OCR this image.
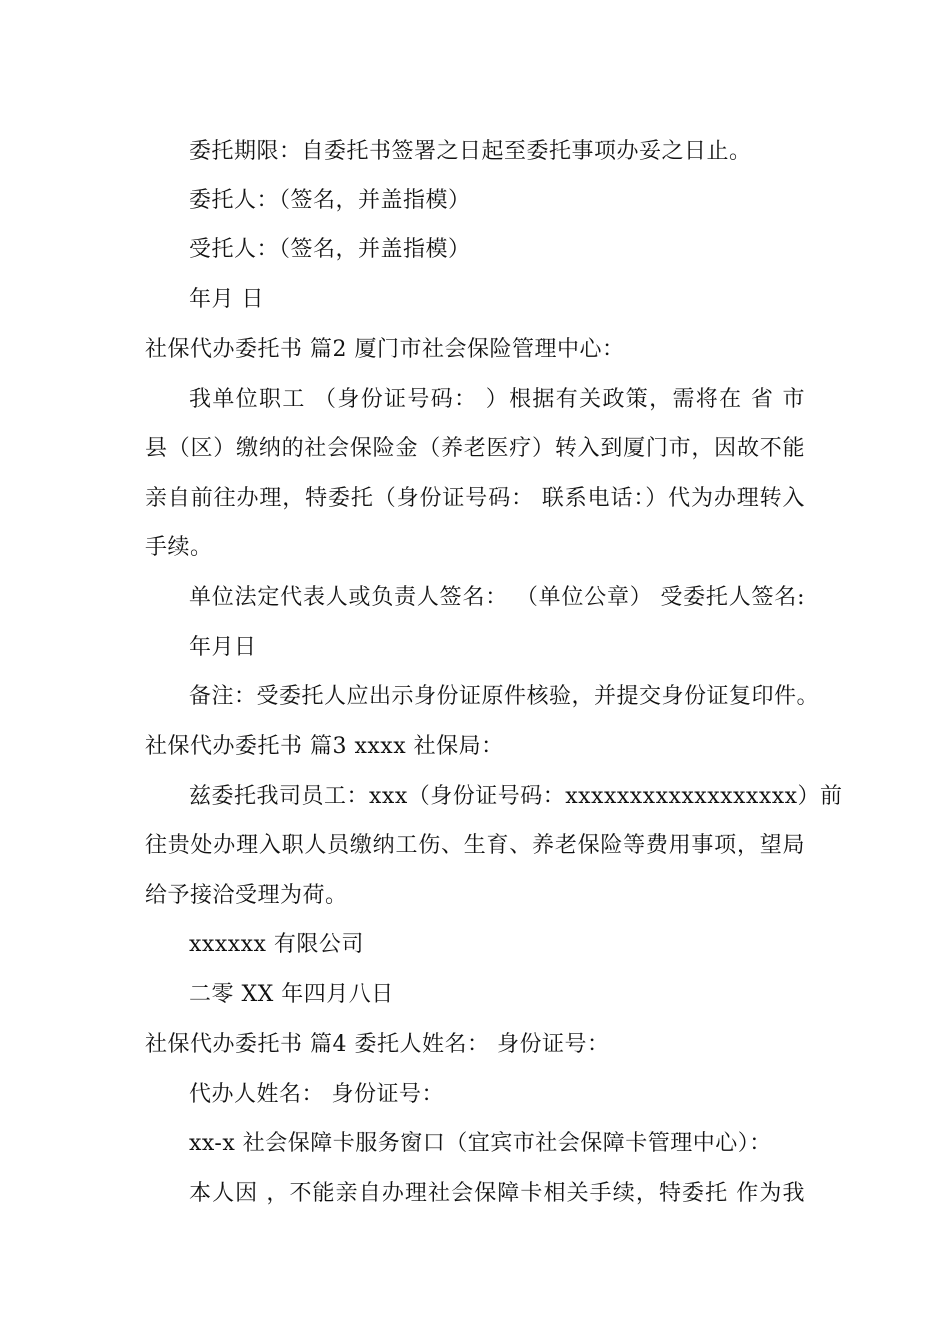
委托期限：自委托书签署之日起至委托事项办妥之日止。
委托人：（签名，并盖指模）
受托人：（签名，并盖指模）
年月 日
社保代办委托书 篇2 厦门市社会保险管理中心：
我单位职工 （身份证号码： ）根据有关政策，需将在 省 市
县（区）缴纳的社会保险金（养老医疗）转入到厦门市，因故不能
亲自前往办理，特委托（身份证号码： 联系电话：）代为办理转入
手续。
单位法定代表人或负责人签名： （单位公章） 受委托人签名:
年月日
备注：受委托人应出示身份证原件核验，并提交身份证复印件。
社保代办委托书 篇3 xxxx 社保局：
兹委托我司员工：xxx（身份证号码：xxxxxxxxxxxxxxxxxx）前
往贵处办理入职人员缴纳工伤、生育、养老保险等费用事项，望局
给予接洽受理为荷。
xxxxxx 有限公司
二零 XX 年四月八日
社保代办委托书 篇4 委托人姓名： 身份证号：
代办人姓名： 身份证号：
xx-x 社会保障卡服务窗口（宜宾市社会保障卡管理中心）：
本人因 ，不能亲自办理社会保障卡相关手续，特委托 作为我
